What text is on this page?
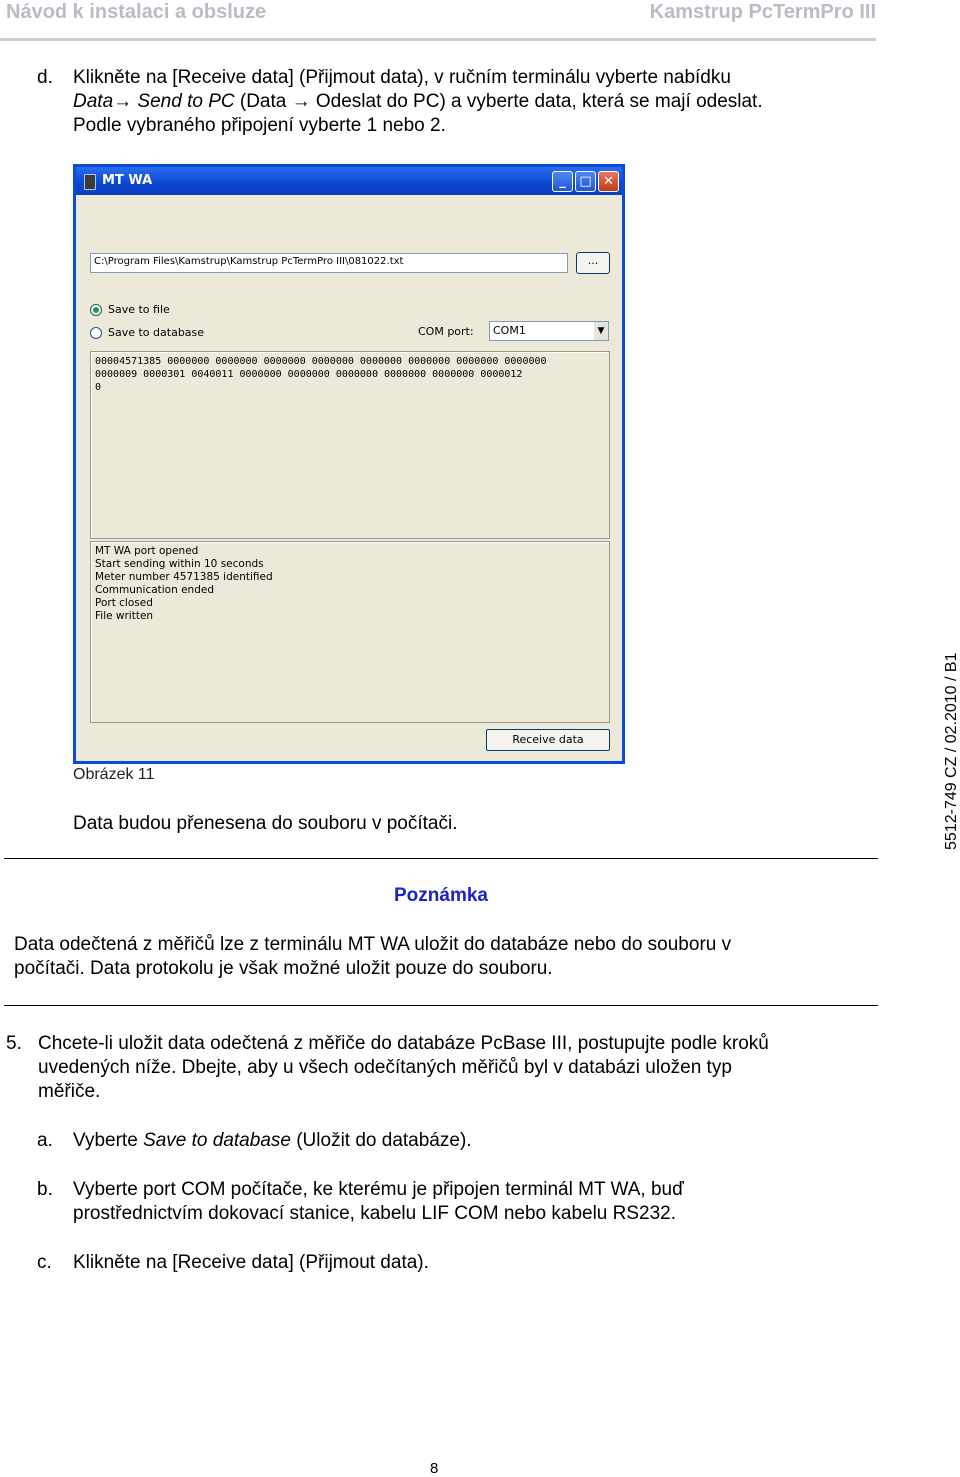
Návod k instalaci a obsluze	Kamstrup PcTermPro III
d. Klikněte na [Receive data] (Přijmout data), v ručním terminálu vyberte nabídku
Data→ Send to PC (Data → Odeslat do PC) a vyberte data, která se mají odeslat.
Podle vybraného připojení vyberte 1 nebo 2.
MT WA	_	□ ✕
C:\Program Files\Kamstrup\Kamstrup PcTermPro III\081022.txt	...
Save to file
Save to database	COM port:	COM1	▼
00004571385 0000000 0000000 0000000 0000000 0000000 0000000 0000000 0000000
0000009 0000301 0040011 0000000 0000000 0000000 0000000 0000000 0000012
0
MT WA port opened
Start sending within 10 seconds
Meter number 4571385 identified
Communication ended
Port closed
File written
Receive data
Obrázek 11
Data budou přenesena do souboru v počítači.	5512-749 CZ / 02.2010 / B1
Poznámka
Data odečtená z měřičů lze z terminálu MT WA uložit do databáze nebo do souboru v
počítači. Data protokolu je však možné uložit pouze do souboru.
5. Chcete-li uložit data odečtená z měřiče do databáze PcBase III, postupujte podle kroků
uvedených níže. Dbejte, aby u všech odečítaných měřičů byl v databázi uložen typ
měřiče.
a. Vyberte Save to database (Uložit do databáze).
b. Vyberte port COM počítače, ke kterému je připojen terminál MT WA, buď
prostřednictvím dokovací stanice, kabelu LIF COM nebo kabelu RS232.
c. Klikněte na [Receive data] (Přijmout data).
8
